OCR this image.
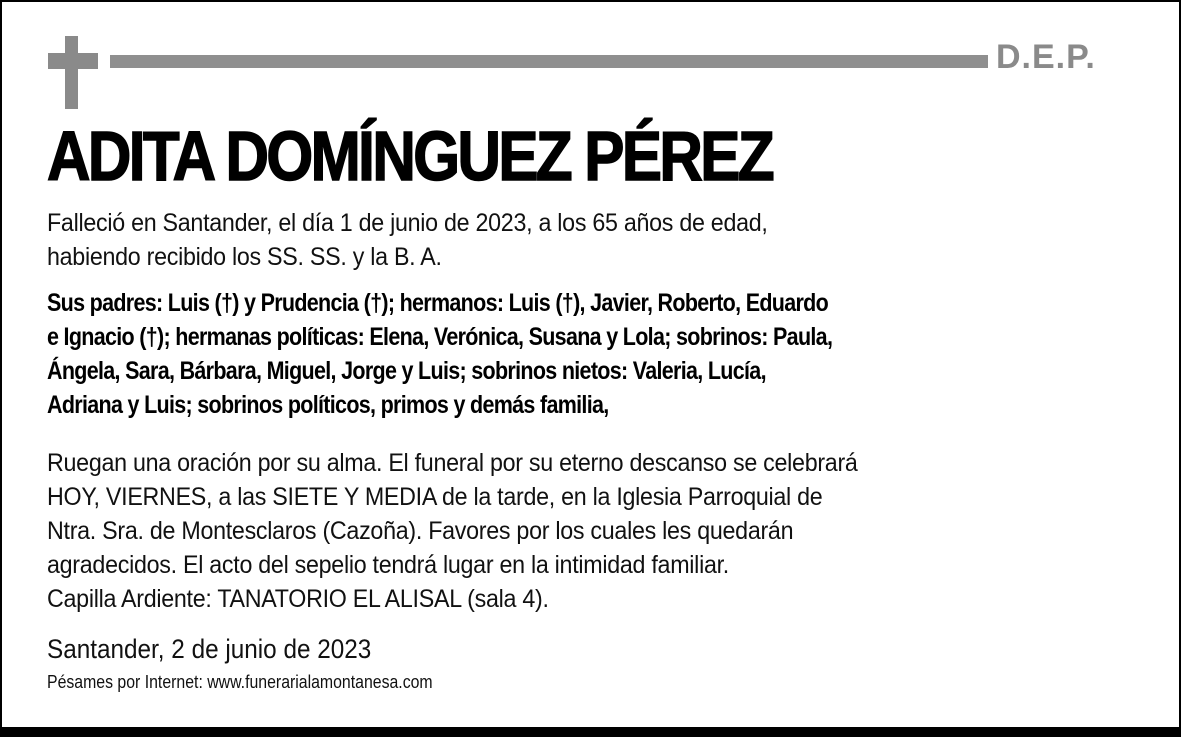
D.E.P.
ADITA DOMÍNGUEZ PÉREZ
Falleció en Santander, el día 1 de junio de 2023, a los 65 años de edad,
habiendo recibido los SS. SS. y la B. A.
Sus padres: Luis (†) y Prudencia (†); hermanos: Luis (†), Javier, Roberto, Eduardo
e Ignacio (†); hermanas políticas: Elena, Verónica, Susana y Lola; sobrinos: Paula,
Ángela, Sara, Bárbara, Miguel, Jorge y Luis; sobrinos nietos: Valeria, Lucía,
Adriana y Luis; sobrinos políticos, primos y demás familia,
Ruegan una oración por su alma. El funeral por su eterno descanso se celebrará
HOY, VIERNES, a las SIETE Y MEDIA de la tarde, en la Iglesia Parroquial de
Ntra. Sra. de Montesclaros (Cazoña). Favores por los cuales les quedarán
agradecidos. El acto del sepelio tendrá lugar en la intimidad familiar.
Capilla Ardiente: TANATORIO EL ALISAL (sala 4).
Santander, 2 de junio de 2023
Pésames por Internet: www.funerarialamontanesa.com
